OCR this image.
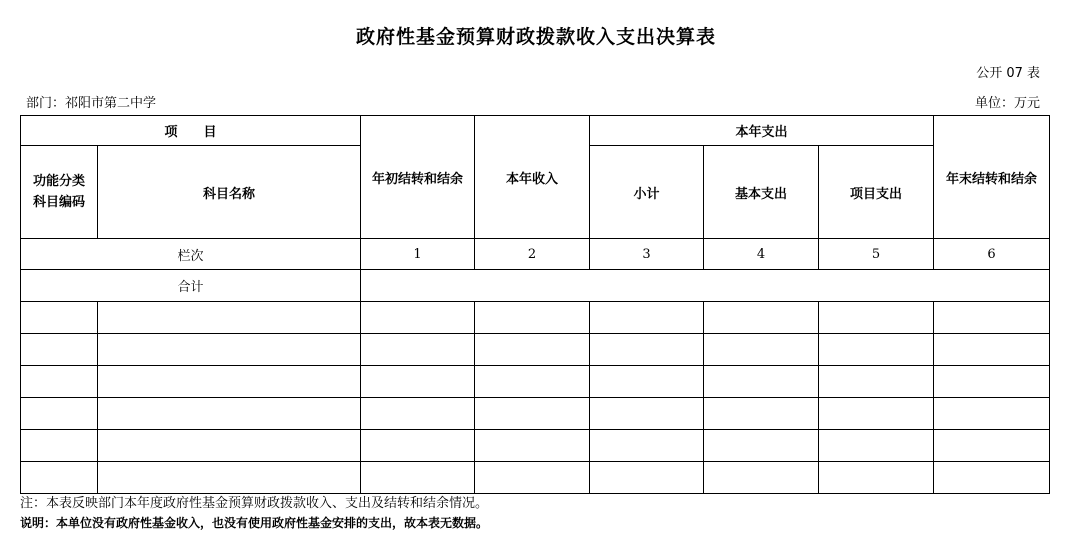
政府性基金预算财政拨款收入支出决算表
公开 07 表
部门：祁阳市第二中学	单位：万元
项　　目		年初结转和结余	本年收入	本年支出			年末结转和结余
功能分类科目编码	科目名称			小计	基本支出	项目支出	
栏次		1	2	3	4	5	6
合计							

注：本表反映部门本年度政府性基金预算财政拨款收入、支出及结转和结余情况。
说明：本单位没有政府性基金收入，也没有使用政府性基金安排的支出，故本表无数据。
